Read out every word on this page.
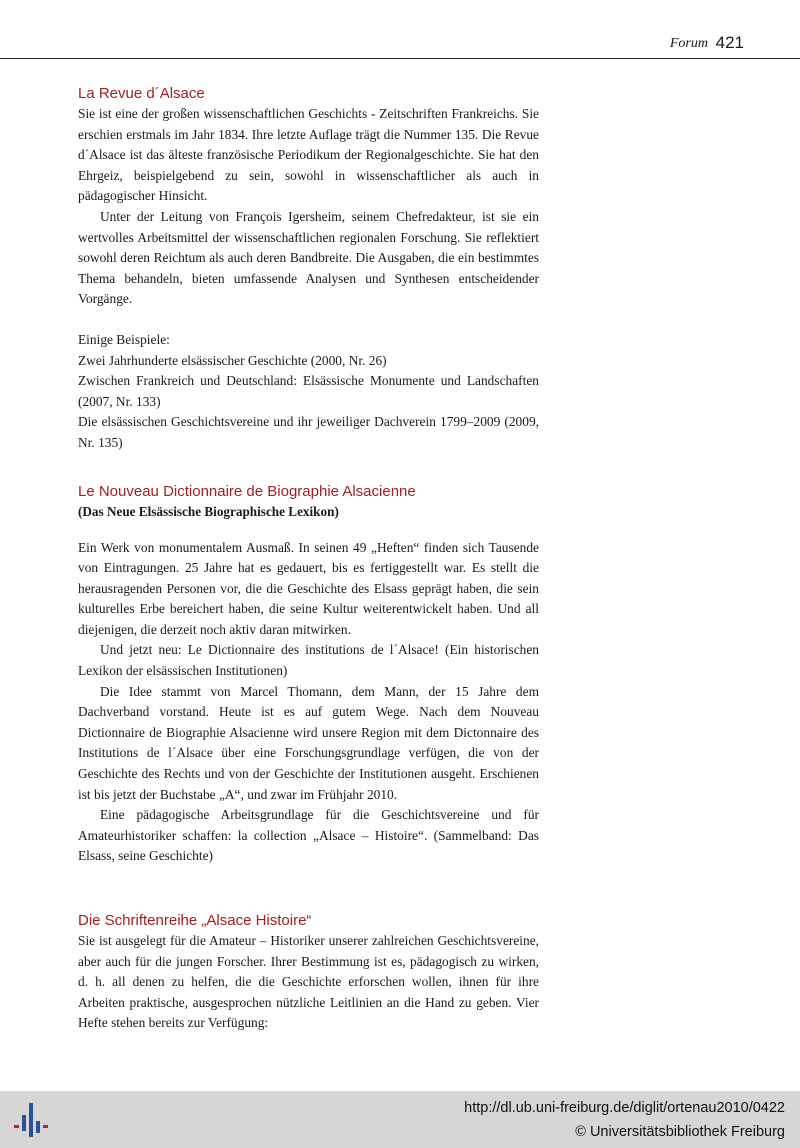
Forum 421
La Revue d´Alsace

Sie ist eine der großen wissenschaftlichen Geschichts - Zeitschriften Frankreichs. Sie erschien erstmals im Jahr 1834. Ihre letzte Auflage trägt die Nummer 135. Die Revue d´Alsace ist das älteste französische Periodikum der Regionalgeschichte. Sie hat den Ehrgeiz, beispielgebend zu sein, sowohl in wissenschaftlicher als auch in pädagogischer Hinsicht.

Unter der Leitung von François Igersheim, seinem Chefredakteur, ist sie ein wertvolles Arbeitsmittel der wissenschaftlichen regionalen Forschung. Sie reflektiert sowohl deren Reichtum als auch deren Bandbreite. Die Ausgaben, die ein bestimmtes Thema behandeln, bieten umfassende Analysen und Synthesen entscheidender Vorgänge.

Einige Beispiele:

Zwei Jahrhunderte elsässischer Geschichte (2000, Nr. 26)

Zwischen Frankreich und Deutschland: Elsässische Monumente und Landschaften (2007, Nr. 133)

Die elsässischen Geschichtsvereine und ihr jeweiliger Dachverein 1799–2009 (2009, Nr. 135)

Le Nouveau Dictionnaire de Biographie Alsacienne
(Das Neue Elsässische Biographische Lexikon)

Ein Werk von monumentalem Ausmaß. In seinen 49 „Heften“ finden sich Tausende von Eintragungen. 25 Jahre hat es gedauert, bis es fertiggestellt war. Es stellt die herausragenden Personen vor, die die Geschichte des Elsass geprägt haben, die sein kulturelles Erbe bereichert haben, die seine Kultur weiterentwickelt haben. Und all diejenigen, die derzeit noch aktiv daran mitwirken.

Und jetzt neu: Le Dictionnaire des institutions de l´Alsace! (Ein historischen Lexikon der elsässischen Institutionen)

Die Idee stammt von Marcel Thomann, dem Mann, der 15 Jahre dem Dachverband vorstand. Heute ist es auf gutem Wege. Nach dem Nouveau Dictionnaire de Biographie Alsacienne wird unsere Region mit dem Dictonnaire des Institutions de l´Alsace über eine Forschungsgrundlage verfügen, die von der Geschichte des Rechts und von der Geschichte der Institutionen ausgeht. Erschienen ist bis jetzt der Buchstabe „A“, und zwar im Frühjahr 2010.

Eine pädagogische Arbeitsgrundlage für die Geschichtsvereine und für Amateurhistoriker schaffen: la collection „Alsace – Histoire“. (Sammelband: Das Elsass, seine Geschichte)

Die Schriftenreihe „Alsace Histoire“

Sie ist ausgelegt für die Amateur – Historiker unserer zahlreichen Geschichtsvereine, aber auch für die jungen Forscher. Ihrer Bestimmung ist es, pädagogisch zu wirken, d. h. all denen zu helfen, die die Geschichte erforschen wollen, ihnen für ihre Arbeiten praktische, ausgesprochen nützliche Leitlinien an die Hand zu geben. Vier Hefte stehen bereits zur Verfügung:

http://dl.ub.uni-freiburg.de/diglit/ortenau2010/0422
© Universitätsbibliothek Freiburg
